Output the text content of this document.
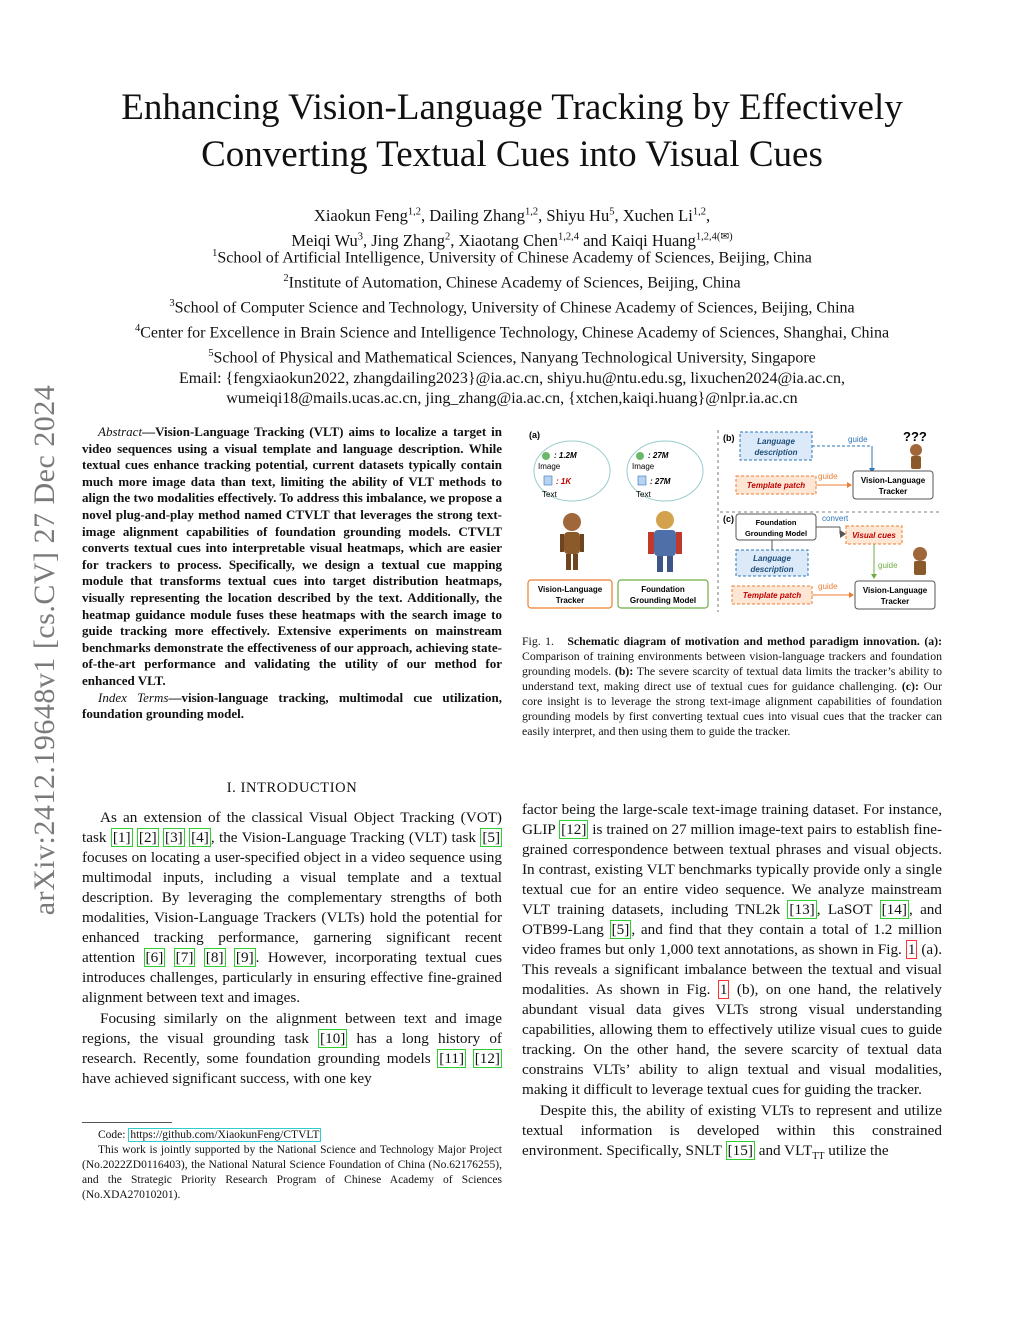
arXiv:2412.19648v1 [cs.CV] 27 Dec 2024
Enhancing Vision-Language Tracking by Effectively
Converting Textual Cues into Visual Cues
Xiaokun Feng$^{1,2}$, Dailing Zhang$^{1,2}$, Shiyu Hu$^5$, Xuchen Li$^{1,2}$,
Meiqi Wu$^3$, Jing Zhang$^2$, Xiaotang Chen$^{1,2,4}$ and Kaiqi Huang$^{1,2,4(✉)}$
$^1$School of Artificial Intelligence, University of Chinese Academy of Sciences, Beijing, China
$^2$Institute of Automation, Chinese Academy of Sciences, Beijing, China
$^3$School of Computer Science and Technology, University of Chinese Academy of Sciences, Beijing, China
$^4$Center for Excellence in Brain Science and Intelligence Technology, Chinese Academy of Sciences, Shanghai, China
$^5$School of Physical and Mathematical Sciences, Nanyang Technological University, Singapore
Email: {fengxiaokun2022, zhangdailing2023}@ia.ac.cn, shiyu.hu@ntu.edu.sg, lixuchen2024@ia.ac.cn,
wumeiqi18@mails.ucas.ac.cn, jing_zhang@ia.ac.cn, {xtchen,kaiqi.huang}@nlpr.ia.ac.cn

Abstract—Vision-Language Tracking (VLT) aims to localize a target in video sequences using a visual template and language description. While textual cues enhance tracking potential, current datasets typically contain much more image data than text, limiting the ability of VLT methods to align the two modalities effectively. To address this imbalance, we propose a novel plug-and-play method named CTVLT that leverages the strong text-image alignment capabilities of foundation grounding models. CTVLT converts textual cues into interpretable visual heatmaps, which are easier for trackers to process. Specifically, we design a textual cue mapping module that transforms textual cues into target distribution heatmaps, visually representing the location described by the text. Additionally, the heatmap guidance module fuses these heatmaps with the search image to guide tracking more effectively. Extensive experiments on mainstream benchmarks demonstrate the effectiveness of our approach, achieving state-of-the-art performance and validating the utility of our method for enhanced VLT.

Index Terms—vision-language tracking, multimodal cue utilization, foundation grounding model.

I. INTRODUCTION

As an extension of the classical Visual Object Tracking (VOT) task [1] [2] [3] [4] , the Vision-Language Tracking (VLT) task [5] focuses on locating a user-specified object in a video sequence using multimodal inputs, including a visual template and a textual description. By leveraging the complementary strengths of both modalities, Vision-Language Trackers (VLTs) hold the potential for enhanced tracking performance, garnering significant recent attention [6] [7] [8] [9] . However, incorporating textual cues introduces challenges, particularly in ensuring effective fine-grained alignment between text and images.

Focusing similarly on the alignment between text and image regions, the visual grounding task [10] has a long history of research. Recently, some foundation grounding models [11] [12] have achieved significant success, with one key

Code: https://github.com/XiaokunFeng/CTVLT

This work is jointly supported by the National Science and Technology Major Project (No.2022ZD0116403), the National Natural Science Foundation of China (No.62176255), and the Strategic Priority Research Program of Chinese Academy of Sciences (No.XDA27010201).

factor being the large-scale text-image training dataset. For instance, GLIP [12] is trained on 27 million image-text pairs to establish fine-grained correspondence between textual phrases and visual objects. In contrast, existing VLT benchmarks typically provide only a single textual cue for an entire video sequence. We analyze mainstream VLT training datasets, including TNL2k [13] , LaSOT [14] , and OTB99-Lang [5] , and find that they contain a total of 1.2 million video frames but only 1,000 text annotations, as shown in Fig. 1 (a). This reveals a significant imbalance between the textual and visual modalities. As shown in Fig. 1 (b), on one hand, the relatively abundant visual data gives VLTs strong visual understanding capabilities, allowing them to effectively utilize visual cues to guide tracking. On the other hand, the severe scarcity of textual data constrains VLTs’ ability to align textual and visual modalities, making it difficult to leverage textual cues for guiding the tracker.

Despite this, the ability of existing VLTs to represent and utilize textual information is developed within this constrained environment. Specifically, SNLT [15] and $VLT_{TT}$ utilize the

(a)
: 1.2M
Image
: 1K
Text
Vision-Language
Tracker
: 27M
Image
: 27M
Text
Foundation
Grounding Model
(b)	Language
description
guide	???
Template patch
guide	Vision-Language
Tracker
(c)	Foundation
Grounding Model
convert
Visual cues
guide
Language
description
Template patch
guide	Vision-Language
Tracker
Fig. 1. Schematic diagram of motivation and method paradigm innovation. (a): Comparison of training environments between vision-language trackers and foundation grounding models. (b): The severe scarcity of textual data limits the tracker’s ability to understand text, making direct use of textual cues for guidance challenging. (c): Our core insight is to leverage the strong text-image alignment capabilities of foundation grounding models by first converting textual cues into visual cues that the tracker can easily interpret, and then using them to guide the tracker.
